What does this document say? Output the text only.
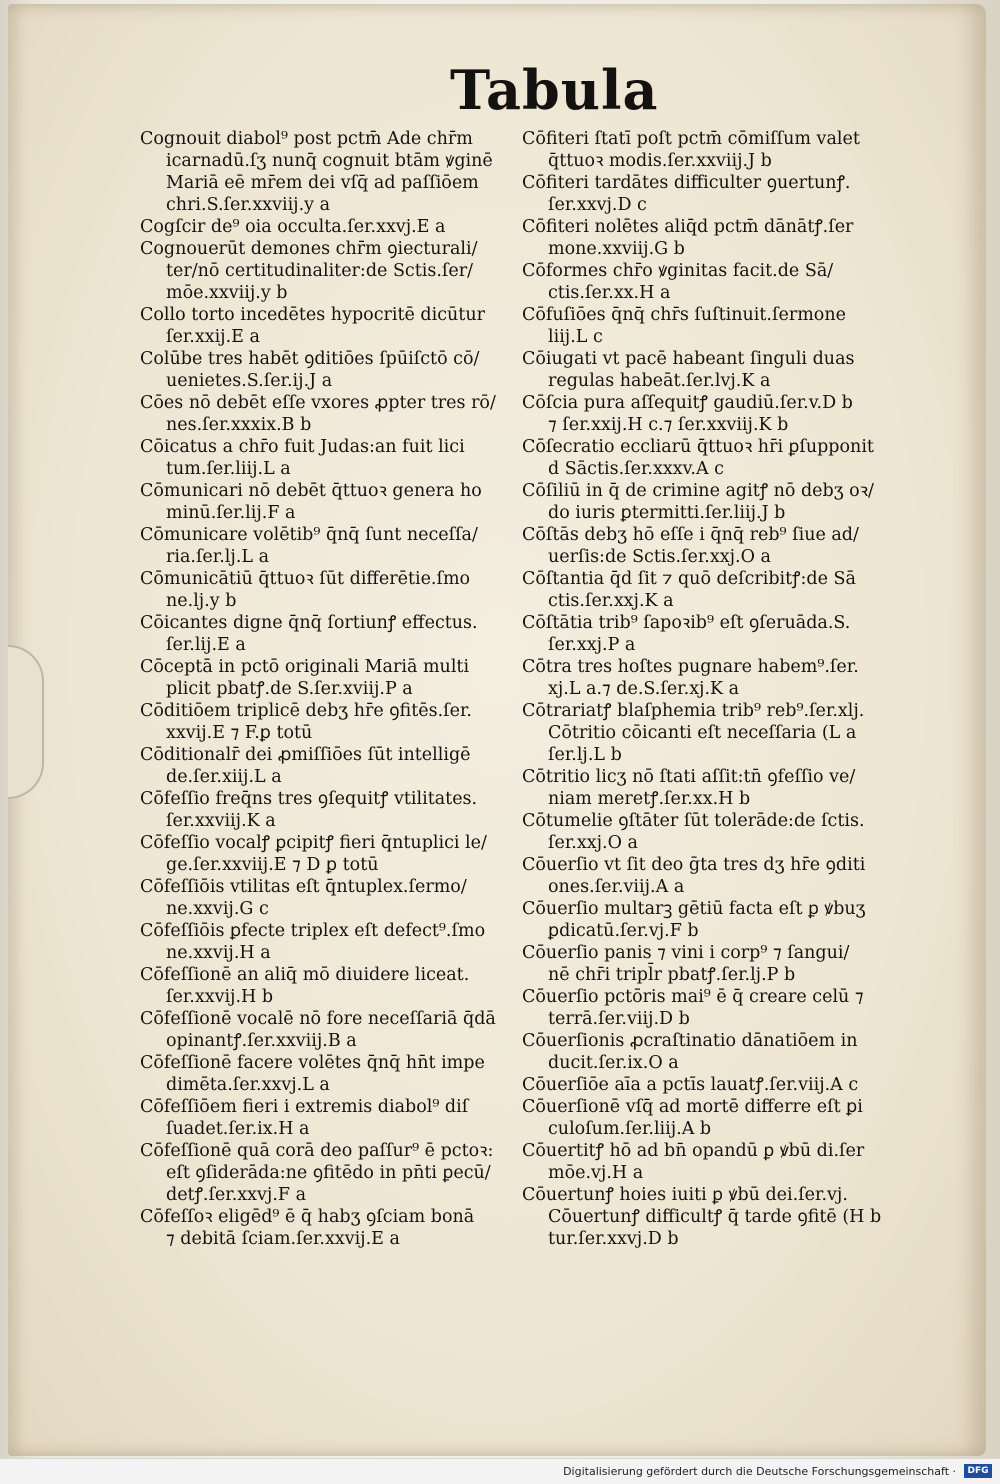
Tabula

Cognouit diabol⁹ post pctm̄ Ade chr̄m
icarnadū.ſʒ nunq̄ cognuit btām ꝟginē
Mariā eē mr̄em dei vſq̄ ad paſſiōem
chri.S.ſer.xxviij.y a

Cogſcir de⁹ oia occulta.ſer.xxvj.E a

Cognouerūt demones chr̄m ꝯiecturali/
ter/nō certitudinaliter:de Sctis.ſer/
mōe.xxviij.y b

Collo torto incedētes hypocritē dicūtur
ſer.xxij.E a

Colūbe tres habēt ꝯditiōes ſpūiſctō cō/
uenietes.S.ſer.ij.J a

Cōes nō debēt eſſe vxores ꝓpter tres rō/
nes.ſer.xxxix.B b

Cōicatus a chr̄o fuit Judas:an fuit lici
tum.ſer.liij.L a

Cōmunicari nō debēt q̄ttuoꝛ genera ho
minū.ſer.lij.F a

Cōmunicare volētib⁹ q̄nq̄ ſunt neceſſa/
ria.ſer.lj.L a

Cōmunicātiū q̄ttuoꝛ ſūt differētie.ſmo
ne.lj.y b

Cōicantes digne q̄nq̄ ſortiunꝭ effectus.
ſer.lij.E a

Cōceptā in pctō originali Mariā multi
plicit pbatꝭ.de S.ſer.xviij.P a

Cōditiōem triplicē debʒ hr̄e ꝯfitēs.ſer.
xxvij.E ⁊ F.ꝑ totū

Cōditionalr̄ dei ꝓmiſſiōes ſūt intelligē
de.ſer.xiij.L a

Cōfeſſio freq̄ns tres ꝯſequitꝭ vtilitates.
ſer.xxviij.K a

Cōfeſſio vocalꝭ ꝑcipitꝭ fieri q̄ntuplici le/
ge.ſer.xxviij.E ⁊ D ꝑ totū

Cōfeſſiōis vtilitas eſt q̄ntuplex.ſermo/
ne.xxvij.G c

Cōfeſſiōis ꝑfecte triplex eſt defect⁹.ſmo
ne.xxvij.H a

Cōfeſſionē an aliq̄ mō diuidere liceat.
ſer.xxvij.H b

Cōfeſſionē vocalē nō fore neceſſariā q̄dā
opinantꝭ.ſer.xxviij.B a

Cōfeſſionē facere volētes q̄nq̄ hn̄t impe
dimēta.ſer.xxvj.L a

Cōfeſſiōem fieri i extremis diabol⁹ diſ
ſuadet.ſer.ix.H a

Cōfeſſionē quā corā deo paſſur⁹ ē pctoꝛ:
eſt ꝯſiderāda:ne ꝯfitēdo in pn̄ti ꝑecū/
detꝭ.ſer.xxvj.F a

Cōfeſſoꝛ eligēd⁹ ē q̄ habʒ ꝯſciam bonā
⁊ debitā ſciam.ſer.xxvij.E a

Cōfiteri ſtatī poſt pctm̄ cōmiſſum valet
q̄ttuoꝛ modis.ſer.xxviij.J b

Cōfiteri tardātes difficulter ꝯuertunꝭ.
ſer.xxvj.D c

Cōfiteri nolētes aliq̄d pctm̄ dānātꝭ.ſer
mone.xxviij.G b

Cōformes chr̄o ꝟginitas facit.de Sā/
ctis.ſer.xx.H a

Cōfuſiōes q̄nq̄ chr̄s ſuſtinuit.ſermone
liij.L c

Cōiugati vt pacē habeant ſinguli duas
regulas habeāt.ſer.lvj.K a

Cōſcia pura aſſequitꝭ gaudiū.ſer.v.D b
⁊ ſer.xxij.H c.⁊ ſer.xxviij.K b

Cōſecratio eccliarū q̄ttuoꝛ hr̄i ꝑſupponit
d Sāctis.ſer.xxxv.A c

Cōſiliū in q̄ de crimine agitꝭ nō debʒ oꝛ/
do iuris ꝑtermitti.ſer.liij.J b

Cōſtās debʒ hō eſſe i q̄nq̄ reb⁹ ſiue ad/
uerſis:de Sctis.ſer.xxj.O a

Cōſtantia q̄d ſit ⁊ quō deſcribitꝭ:de Sā
ctis.ſer.xxj.K a

Cōſtātia trib⁹ ſapoꝛib⁹ eſt ꝯſeruāda.S.
ſer.xxj.P a

Cōtra tres hoſtes pugnare habem⁹.ſer.
xj.L a.⁊ de.S.ſer.xj.K a

Cōtrariatꝭ blaſphemia trib⁹ reb⁹.ſer.xlj.
Cōtritio cōicanti eſt neceſſaria (L a
ſer.lj.L b

Cōtritio licʒ nō ſtati aſſit:tn̄ ꝯfeſſio ve/
niam meretꝭ.ſer.xx.H b

Cōtumelie ꝯſtāter ſūt tolerāde:de ſctis.
ſer.xxj.O a

Cōuerſio vt ſit deo ḡta tres dʒ hr̄e ꝯditi
ones.ſer.viij.A a

Cōuerſio multarꝫ gētiū facta eſt ꝑ ꝟbuʒ
ꝑdicatū.ſer.vj.F b

Cōuerſio panis ⁊ vini i corp⁹ ⁊ ſangui/
nē chr̄i tripl̄r pbatꝭ.ſer.lj.P b

Cōuerſio pctōris mai⁹ ē q̄ creare celū ⁊
terrā.ſer.viij.D b

Cōuerſionis ꝓcraſtinatio dānatiōem in
ducit.ſer.ix.O a

Cōuerſiōe aīa a pctīs lauatꝭ.ſer.viij.A c

Cōuerſionē vſq̄ ad mortē differre eſt ꝑi
culoſum.ſer.liij.A b

Cōuertitꝭ hō ad bn̄ opandū ꝑ ꝟbū di.ſer
mōe.vj.H a

Cōuertunꝭ hoies iuiti ꝑ ꝟbū dei.ſer.vj.
Cōuertunꝭ difficultꝭ q̄ tarde ꝯfitē (H b
tur.ſer.xxvj.D b

Digitalisierung gefördert durch die Deutsche Forschungsgemeinschaft ·	DFG
